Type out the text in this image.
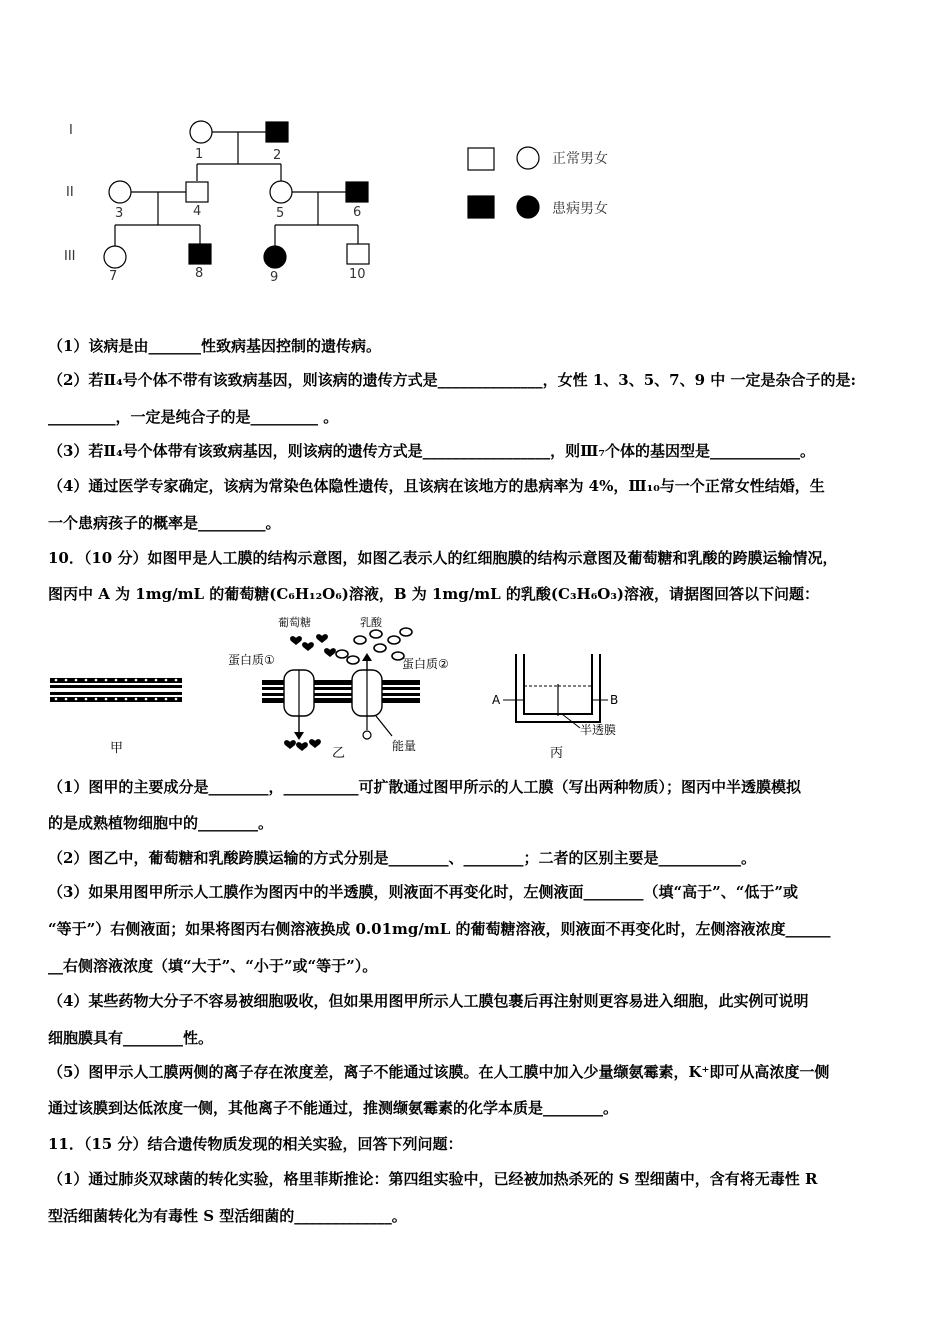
I
II
III
1	2
3	4	5	6
7	8	9	10
正常男女
患病男女
（1）该病是由_______性致病基因控制的遗传病。
（2）若Ⅱ₄号个体不带有该致病基因，则该病的遗传方式是______________，女性 1、3、5、7、9 中 一定是杂合子的是:
_________，一定是纯合子的是_________ 。
（3）若Ⅱ₄号个体带有该致病基因，则该病的遗传方式是_________________，则Ⅲ₇个体的基因型是____________。
（4）通过医学专家确定，该病为常染色体隐性遗传，且该病在该地方的患病率为 4%，Ⅲ₁₀与一个正常女性结婚，生
一个患病孩子的概率是_________。
10．（10 分）如图甲是人工膜的结构示意图，如图乙表示人的红细胞膜的结构示意图及葡萄糖和乳酸的跨膜运输情况，
图丙中 A 为 1mg/mL 的葡萄糖(C₆H₁₂O₆)溶液，B 为 1mg/mL 的乳酸(C₃H₆O₃)溶液，请据图回答以下问题：
甲
葡萄糖	乳酸
蛋白质①	蛋白质②
能量
乙
A	B
半透膜
丙
（1）图甲的主要成分是________，__________可扩散通过图甲所示的人工膜（写出两种物质）；图丙中半透膜模拟
的是成熟植物细胞中的________。
（2）图乙中，葡萄糖和乳酸跨膜运输的方式分别是________、________；二者的区别主要是___________。
（3）如果用图甲所示人工膜作为图丙中的半透膜，则液面不再变化时，左侧液面________（填“高于”、“低于”或
“等于”）右侧液面；如果将图丙右侧溶液换成 0.01mg/mL 的葡萄糖溶液，则液面不再变化时，左侧溶液浓度______
__右侧溶液浓度（填“大于”、“小于”或“等于”）。
（4）某些药物大分子不容易被细胞吸收，但如果用图甲所示人工膜包裹后再注射则更容易进入细胞，此实例可说明
细胞膜具有________性。
（5）图甲示人工膜两侧的离子存在浓度差，离子不能通过该膜。在人工膜中加入少量缬氨霉素，K⁺即可从高浓度一侧
通过该膜到达低浓度一侧，其他离子不能通过，推测缬氨霉素的化学本质是________。
11．（15 分）结合遗传物质发现的相关实验，回答下列问题：
（1）通过肺炎双球菌的转化实验，格里菲斯推论：第四组实验中，已经被加热杀死的 S 型细菌中，含有将无毒性 R
型活细菌转化为有毒性 S 型活细菌的_____________。
